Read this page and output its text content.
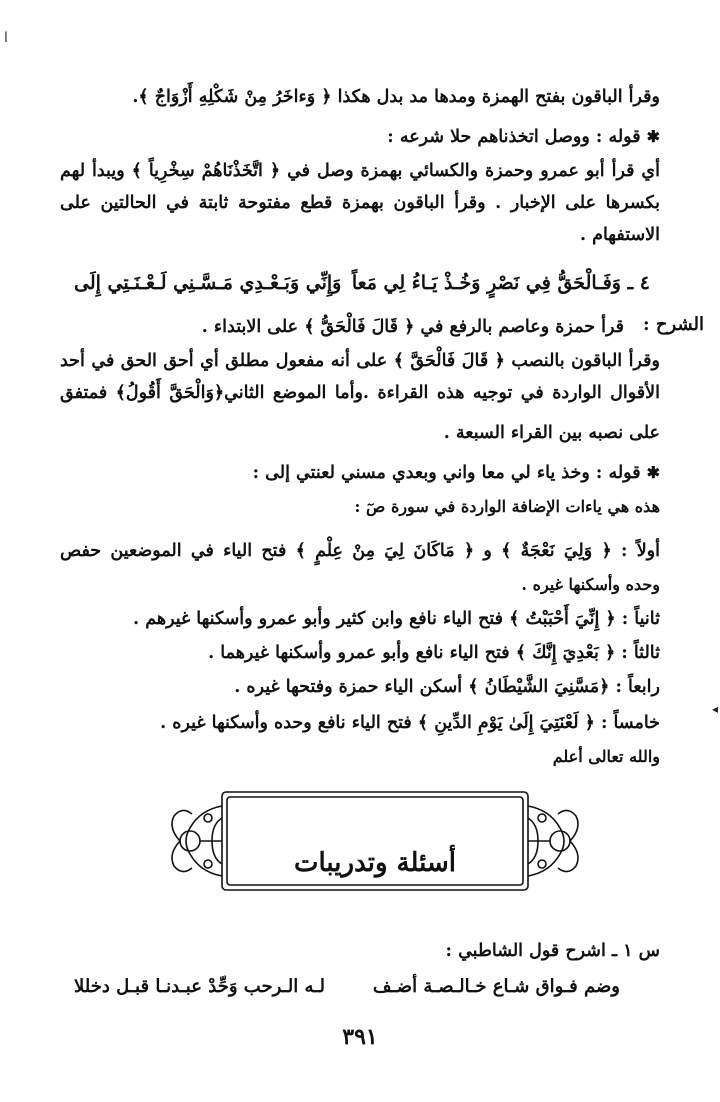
ا
◂
وقرأ الباقون بفتح الهمزة ومدها مد بدل هكذا ﴿ وَءاخَرُ مِنْ شَكْلِهِ أَزْوَاجٌ ﴾.
✱قوله : ووصل اتخذناهم حلا شرعه :
أي قرأ أبو عمرو وحمزة والكسائي بهمزة وصل في ﴿ اتَّخَذْنَاهُمْ سِخْرِياً ﴾ ويبدأ لهم
بكسرها على الإخبار . وقرأ الباقون بهمزة قطع مفتوحة ثابتة في الحالتين على
الاستفهام .
٤ ـ وَفَـالْحَقُّ فِي نَصْرٍ وَخُـذْ يَـاءُ لِي مَعاً
وَإِنِّي وَبَـعْـدِي مَـسَّـنِي لَـعْـنَـتِي إِلَى
الشرح :
قرأ حمزة وعاصم بالرفع في ﴿ قَالَ فَالْحَقُّ ﴾ على الابتداء .
وقرأ الباقون بالنصب ﴿ قَالَ فَالْحَقَّ ﴾ على أنه مفعول مطلق أي أحق الحق في أحد
الأقوال الواردة في توجيه هذه القراءة .وأما الموضع الثاني﴿وَالْحَقَّ أَقُولُ﴾ فمتفق
على نصبه بين القراء السبعة .
✱قوله : وخذ ياء لي معا واني وبعدي مسني لعنتي إلى :
هذه هي ياءات الإضافة الواردة في سورة صٓ :
أولاً : ﴿ وَلِيَ نَعْجَةٌ ﴾ و ﴿ مَاكَانَ لِيَ مِنْ عِلْمٍ ﴾ فتح الياء في الموضعين حفص
وحده وأسكنها غيره .
ثانياً : ﴿ إِنِّيَ أَحْبَبْتُ ﴾ فتح الياء نافع وابن كثير وأبو عمرو وأسكنها غيرهم .
ثالثاً : ﴿ بَعْدِيَ إِنَّكَ ﴾ فتح الياء نافع وأبو عمرو وأسكنها غيرهما .
رابعاً : ﴿مَسَّنِيَ الشَّيْطَانُ ﴾ أسكن الياء حمزة وفتحها غيره .
خامساً : ﴿ لَعْنَتِيَ إِلَىٰ يَوْمِ الدِّينِ ﴾ فتح الياء نافع وحده وأسكنها غيره .
والله تعالى أعلم
أسئلة وتدريبات
س ١ ـ اشرح قول الشاطبي :
وضم فـواق شـاع خـالـصـة أضـف
لـه الـرحب وَحِّدْ عبـدنـا قبـل دخللا
٣٩١
